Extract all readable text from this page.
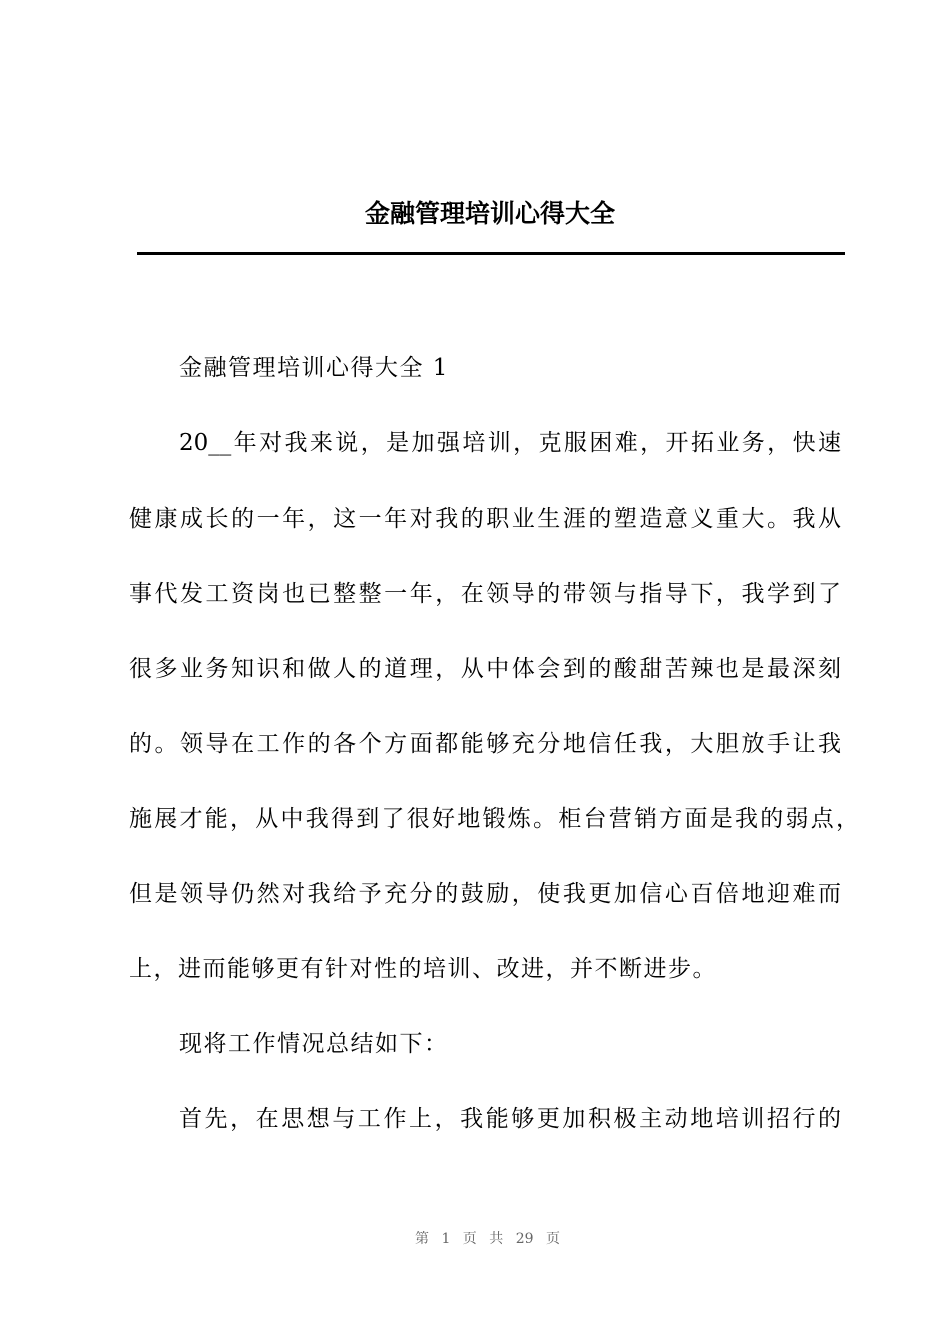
金融管理培训心得大全
金融管理培训心得大全 1
20__年对我来说，是加强培训，克服困难，开拓业务，快速
健康成长的一年，这一年对我的职业生涯的塑造意义重大。我从
事代发工资岗也已整整一年，在领导的带领与指导下，我学到了
很多业务知识和做人的道理，从中体会到的酸甜苦辣也是最深刻
的。领导在工作的各个方面都能够充分地信任我，大胆放手让我
施展才能，从中我得到了很好地锻炼。柜台营销方面是我的弱点，
但是领导仍然对我给予充分的鼓励，使我更加信心百倍地迎难而
上，进而能够更有针对性的培训、改进，并不断进步。
现将工作情况总结如下：
首先，在思想与工作上，我能够更加积极主动地培训招行的
第 1 页 共 29 页
